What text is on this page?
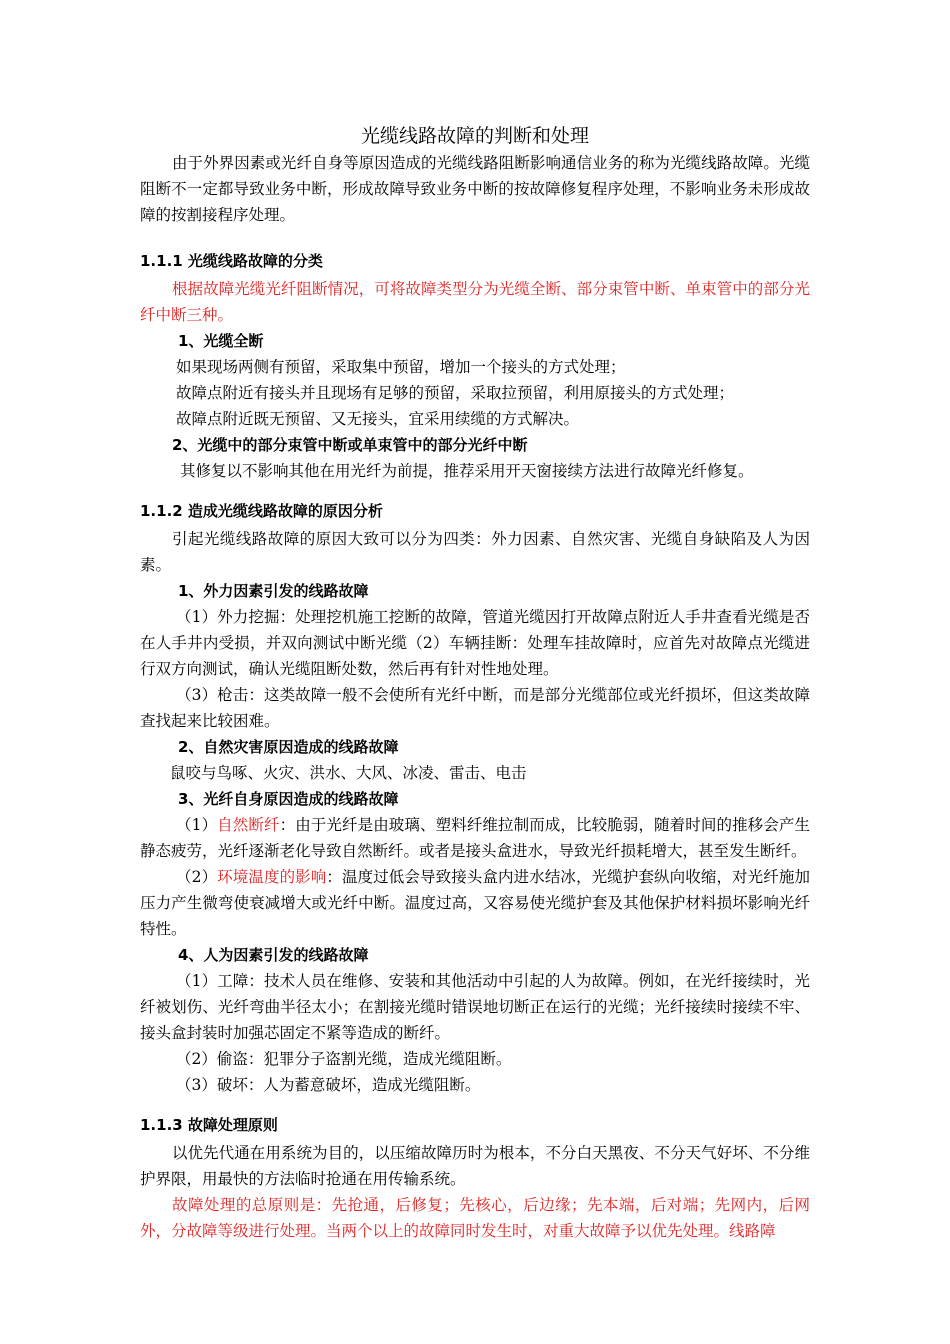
光缆线路故障的判断和处理

由于外界因素或光纤自身等原因造成的光缆线路阻断影响通信业务的称为光缆线路故障。光缆阻断不一定都导致业务中断，形成故障导致业务中断的按故障修复程序处理，不影响业务未形成故障的按割接程序处理。

1.1.1 光缆线路故障的分类

根据故障光缆光纤阻断情况，可将故障类型分为光缆全断、部分束管中断、单束管中的部分光纤中断三种。

1、光缆全断

如果现场两侧有预留，采取集中预留，增加一个接头的方式处理；

故障点附近有接头并且现场有足够的预留，采取拉预留，利用原接头的方式处理；

故障点附近既无预留、又无接头，宜采用续缆的方式解决。

2、光缆中的部分束管中断或单束管中的部分光纤中断

其修复以不影响其他在用光纤为前提，推荐采用开天窗接续方法进行故障光纤修复。

1.1.2 造成光缆线路故障的原因分析

引起光缆线路故障的原因大致可以分为四类：外力因素、自然灾害、光缆自身缺陷及人为因素。

1、外力因素引发的线路故障

（1）外力挖掘：处理挖机施工挖断的故障，管道光缆因打开故障点附近人手井查看光缆是否在人手井内受损，并双向测试中断光缆（2）车辆挂断：处理车挂故障时，应首先对故障点光缆进行双方向测试，确认光缆阻断处数，然后再有针对性地处理。

（3）枪击：这类故障一般不会使所有光纤中断，而是部分光缆部位或光纤损坏，但这类故障查找起来比较困难。

2、自然灾害原因造成的线路故障

鼠咬与鸟啄、火灾、洪水、大风、冰凌、雷击、电击

3、光纤自身原因造成的线路故障

（1）自然断纤：由于光纤是由玻璃、塑料纤维拉制而成，比较脆弱，随着时间的推移会产生静态疲劳，光纤逐渐老化导致自然断纤。或者是接头盒进水，导致光纤损耗增大，甚至发生断纤。

（2）环境温度的影响：温度过低会导致接头盒内进水结冰，光缆护套纵向收缩，对光纤施加压力产生微弯使衰减增大或光纤中断。温度过高，又容易使光缆护套及其他保护材料损坏影响光纤特性。

4、人为因素引发的线路故障

（1）工障：技术人员在维修、安装和其他活动中引起的人为故障。例如，在光纤接续时，光纤被划伤、光纤弯曲半径太小；在割接光缆时错误地切断正在运行的光缆；光纤接续时接续不牢、接头盒封装时加强芯固定不紧等造成的断纤。

（2）偷盗：犯罪分子盗割光缆，造成光缆阻断。

（3）破坏：人为蓄意破坏，造成光缆阻断。

1.1.3 故障处理原则

以优先代通在用系统为目的，以压缩故障历时为根本，不分白天黑夜、不分天气好坏、不分维护界限，用最快的方法临时抢通在用传输系统。

故障处理的总原则是：先抢通，后修复；先核心，后边缘；先本端，后对端；先网内，后网外，分故障等级进行处理。当两个以上的故障同时发生时，对重大故障予以优先处理。线路障
